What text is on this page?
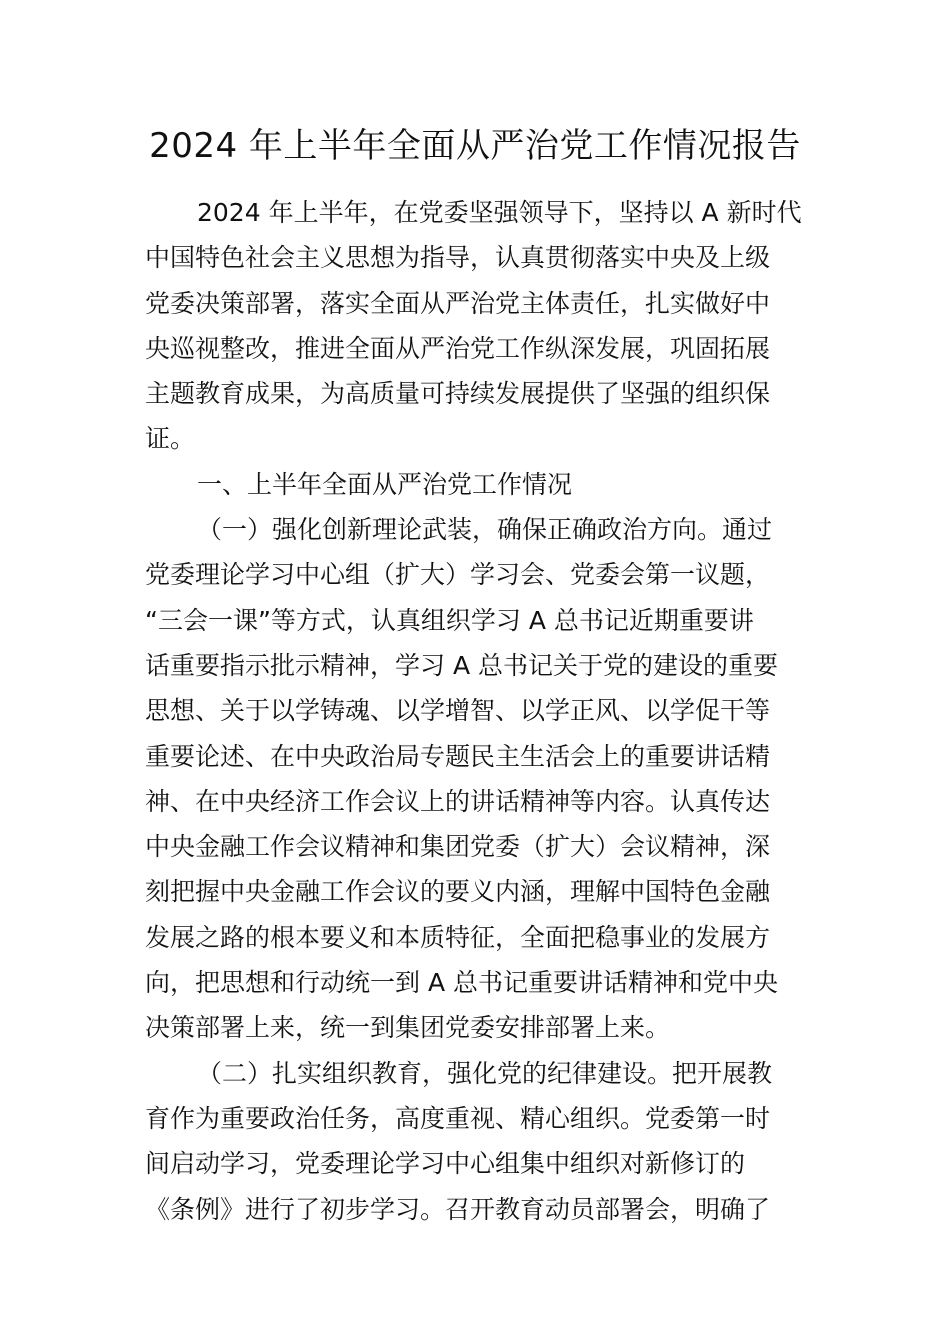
2024 年上半年全面从严治党工作情况报告
2024 年上半年，在党委坚强领导下，坚持以 A 新时代
中国特色社会主义思想为指导，认真贯彻落实中央及上级
党委决策部署，落实全面从严治党主体责任，扎实做好中
央巡视整改，推进全面从严治党工作纵深发展，巩固拓展
主题教育成果，为高质量可持续发展提供了坚强的组织保
证。
一、上半年全面从严治党工作情况
（一）强化创新理论武装，确保正确政治方向。通过
党委理论学习中心组（扩大）学习会、党委会第一议题，
“三会一课”等方式，认真组织学习 A 总书记近期重要讲
话重要指示批示精神，学习 A 总书记关于党的建设的重要
思想、关于以学铸魂、以学增智、以学正风、以学促干等
重要论述、在中央政治局专题民主生活会上的重要讲话精
神、在中央经济工作会议上的讲话精神等内容。认真传达
中央金融工作会议精神和集团党委（扩大）会议精神，深
刻把握中央金融工作会议的要义内涵，理解中国特色金融
发展之路的根本要义和本质特征，全面把稳事业的发展方
向，把思想和行动统一到 A 总书记重要讲话精神和党中央
决策部署上来，统一到集团党委安排部署上来。
（二）扎实组织教育，强化党的纪律建设。把开展教
育作为重要政治任务，高度重视、精心组织。党委第一时
间启动学习，党委理论学习中心组集中组织对新修订的
《条例》进行了初步学习。召开教育动员部署会，明确了
